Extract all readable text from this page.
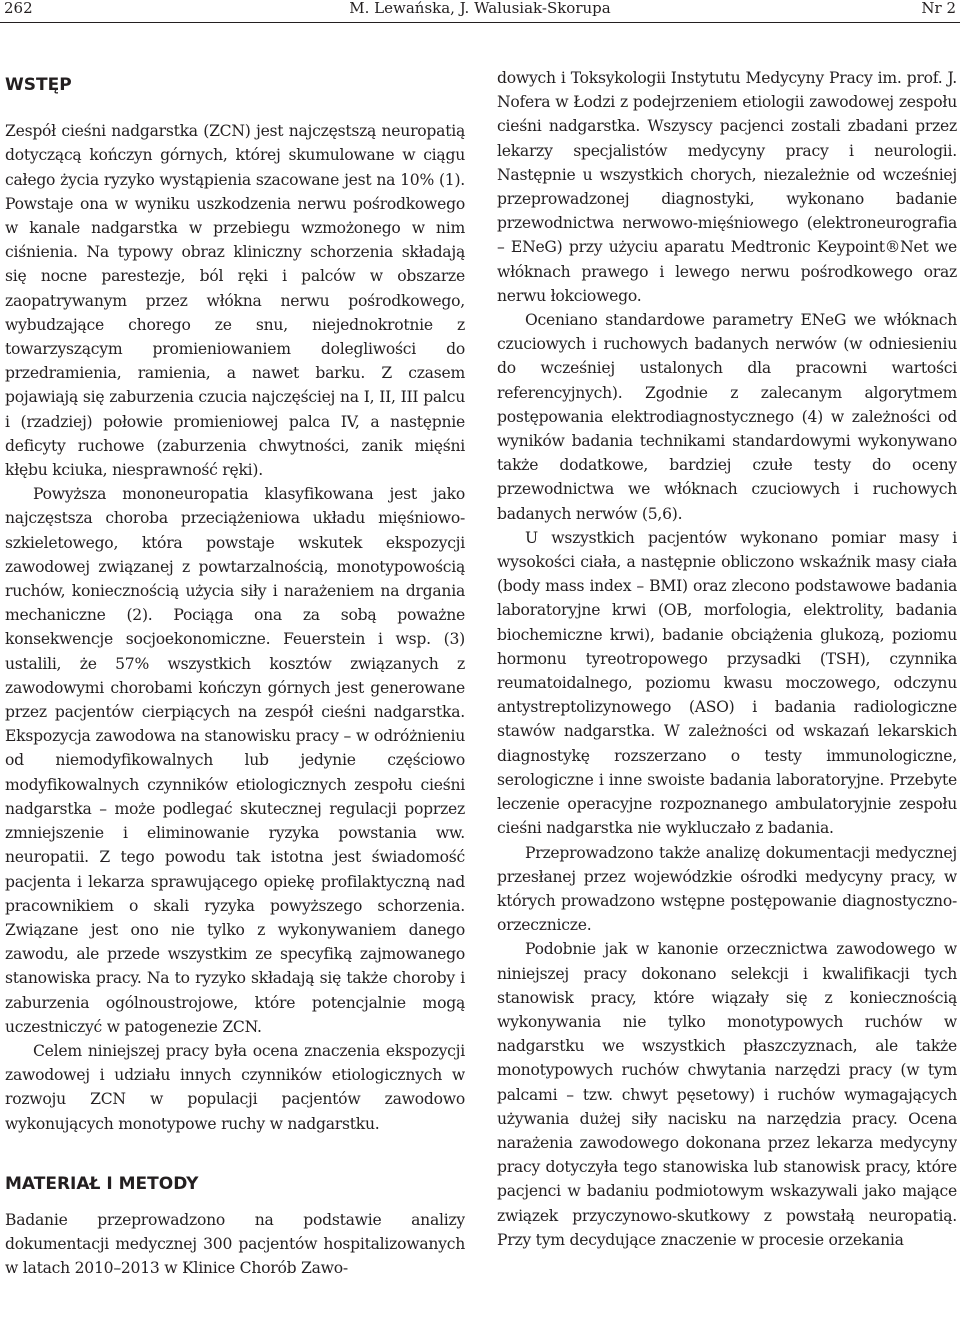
262	M. Lewańska, J. Walusiak-Skorupa	Nr 2
WSTĘP

Zespół cieśni nadgarstka (ZCN) jest najczęstszą neuropatią dotyczącą kończyn górnych, której skumulowane w ciągu całego życia ryzyko wystąpienia szacowane jest na 10% (1). Powstaje ona w wyniku uszkodzenia nerwu pośrodkowego w kanale nadgarstka w przebiegu wzmożonego w nim ciśnienia. Na typowy obraz kliniczny schorzenia składają się nocne parestezje, ból ręki i palców w obszarze zaopatrywanym przez włókna nerwu pośrodkowego, wybudzające chorego ze snu, niejednokrotnie z towarzyszącym promieniowaniem dolegliwości do przedramienia, ramienia, a nawet barku. Z czasem pojawiają się zaburzenia czucia najczęściej na I, II, III palcu i (rzadziej) połowie promieniowej palca IV, a następnie deficyty ruchowe (zaburzenia chwytności, zanik mięśni kłębu kciuka, niesprawność ręki).

Powyższa mononeuropatia klasyfikowana jest jako najczęstsza choroba przeciążeniowa układu mięśniowo-szkieletowego, która powstaje wskutek ekspozycji zawodowej związanej z powtarzalnością, monotypowością ruchów, koniecznością użycia siły i narażeniem na drgania mechaniczne (2). Pociąga ona za sobą poważne konsekwencje socjoekonomiczne. Feuerstein i wsp. (3) ustalili, że 57% wszystkich kosztów związanych z zawodowymi chorobami kończyn górnych jest generowane przez pacjentów cierpiących na zespół cieśni nadgarstka. Ekspozycja zawodowa na stanowisku pracy – w odróżnieniu od niemodyfikowalnych lub jedynie częściowo modyfikowalnych czynników etiologicznych zespołu cieśni nadgarstka – może podlegać skutecznej regulacji poprzez zmniejszenie i eliminowanie ryzyka powstania ww. neuropatii. Z tego powodu tak istotna jest świadomość pacjenta i lekarza sprawującego opiekę profilaktyczną nad pracownikiem o skali ryzyka powyższego schorzenia. Związane jest ono nie tylko z wykonywaniem danego zawodu, ale przede wszystkim ze specyfiką zajmowanego stanowiska pracy. Na to ryzyko składają się także choroby i zaburzenia ogólnoustrojowe, które potencjalnie mogą uczestniczyć w patogenezie ZCN.

Celem niniejszej pracy była ocena znaczenia ekspozycji zawodowej i udziału innych czynników etiologicznych w rozwoju ZCN w populacji pacjentów zawodowo wykonujących monotypowe ruchy w nadgarstku.

MATERIAŁ I METODY

Badanie przeprowadzono na podstawie analizy dokumentacji medycznej 300 pacjentów hospitalizowanych w latach 2010–2013 w Klinice Chorób Zawo-

dowych i Toksykologii Instytutu Medycyny Pracy im. prof. J. Nofera w Łodzi z podejrzeniem etiologii zawodowej zespołu cieśni nadgarstka. Wszyscy pacjenci zostali zbadani przez lekarzy specjalistów medycyny pracy i neurologii. Następnie u wszystkich chorych, niezależnie od wcześniej przeprowadzonej diagnostyki, wykonano badanie przewodnictwa nerwowo-mięśniowego (elektroneurografia – ENeG) przy użyciu aparatu Medtronic Keypoint®Net we włóknach prawego i lewego nerwu pośrodkowego oraz nerwu łokciowego.

Oceniano standardowe parametry ENeG we włóknach czuciowych i ruchowych badanych nerwów (w odniesieniu do wcześniej ustalonych dla pracowni wartości referencyjnych). Zgodnie z zalecanym algorytmem postępowania elektrodiagnostycznego (4) w zależności od wyników badania technikami standardowymi wykonywano także dodatkowe, bardziej czułe testy do oceny przewodnictwa we włóknach czuciowych i ruchowych badanych nerwów (5,6).

U wszystkich pacjentów wykonano pomiar masy i wysokości ciała, a następnie obliczono wskaźnik masy ciała (body mass index – BMI) oraz zlecono podstawowe badania laboratoryjne krwi (OB, morfologia, elektrolity, badania biochemiczne krwi), badanie obciążenia glukozą, poziomu hormonu tyreotropowego przysadki (TSH), czynnika reumatoidalnego, poziomu kwasu moczowego, odczynu antystreptolizynowego (ASO) i badania radiologiczne stawów nadgarstka. W zależności od wskazań lekarskich diagnostykę rozszerzano o testy immunologiczne, serologiczne i inne swoiste badania laboratoryjne. Przebyte leczenie operacyjne rozpoznanego ambulatoryjnie zespołu cieśni nadgarstka nie wykluczało z badania.

Przeprowadzono także analizę dokumentacji medycznej przesłanej przez wojewódzkie ośrodki medycyny pracy, w których prowadzono wstępne postępowanie diagnostyczno-orzecznicze.

Podobnie jak w kanonie orzecznictwa zawodowego w niniejszej pracy dokonano selekcji i kwalifikacji tych stanowisk pracy, które wiązały się z koniecznością wykonywania nie tylko monotypowych ruchów w nadgarstku we wszystkich płaszczyznach, ale także monotypowych ruchów chwytania narzędzi pracy (w tym palcami – tzw. chwyt pęsetowy) i ruchów wymagających używania dużej siły nacisku na narzędzia pracy. Ocena narażenia zawodowego dokonana przez lekarza medycyny pracy dotyczyła tego stanowiska lub stanowisk pracy, które pacjenci w badaniu podmiotowym wskazywali jako mające związek przyczynowo-skutkowy z powstałą neuropatią. Przy tym decydujące znaczenie w procesie orzekania
